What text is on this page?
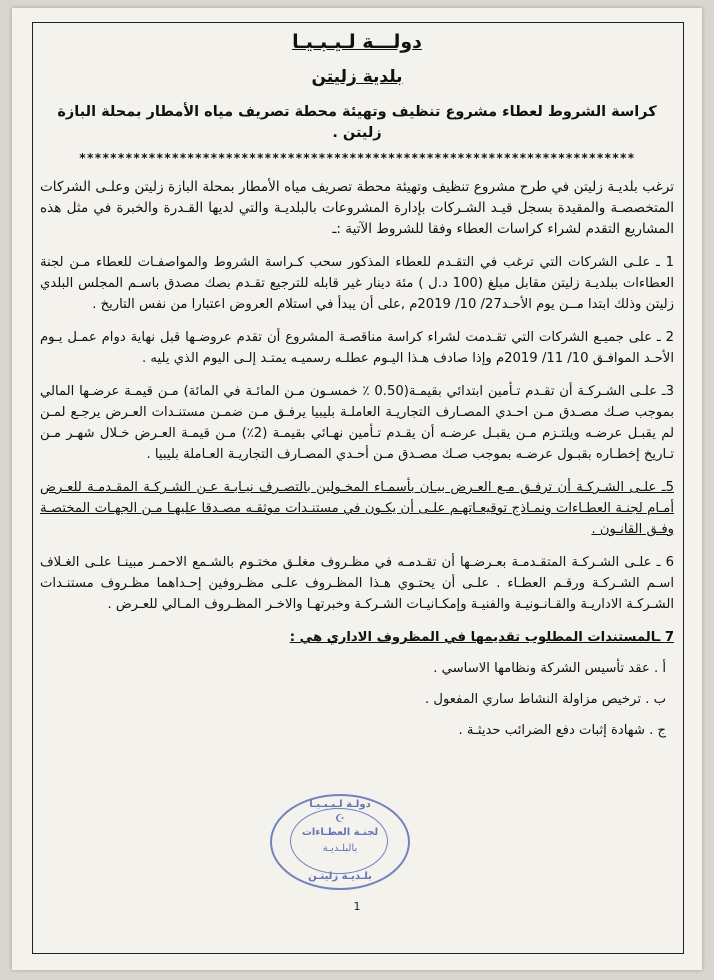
دولـــة لـيـبـيـا
بلدية زليتن
كراسة الشروط لعطاء مشروع تنظيف وتهيئة محطة تصريف مياه الأمطار بمحلة البازة زليتن .
************************************************************************

ترغب بلديـة زليتن في طرح مشروع تنظيف وتهيئة محطة تصريف مياه الأمطار بمحلة البازة زليتن وعلـى الشركات المتخصصـة والمقيدة بسجل قيـد الشـركات بإدارة المشروعات بالبلديـة والتي لديها القـدرة والخبرة في مثل هذه المشاريع التقدم لشراء كراسات العطاء وفقا للشروط الآتية :ـ

1 ـ علـى الشركات التي ترغب في التقـدم للعطاء المذكور سحب كـراسة الشروط والمواصفـات للعطاء مـن لجنة العطاءات ببلديـة زليتن مقابل مبلغ (100 د.ل ) مئة دينار غير قابله للترجيع تقـدم بصك مصدق باسـم المجلس البلدي زليتن وذلك ابتدا مــن يوم الأحـد27/ 10/ 2019م ,على أن يبدأ في استلام العروض اعتبارا من نفس التاريخ .

2 ـ على جميـع الشركات التي تقـدمت لشراء كراسة مناقصـة المشروع أن تقدم عروضـها قبل نهاية دوام عمـل يـوم الأحـد الموافـق 10/ 11/ 2019م وإذا صادف هـذا اليـوم عطلـه رسميـه يمتـد إلـى اليوم الذي يليه .

3ـ علـى الشـركـة أن تقـدم تـأمين ابتدائي بقيمـة(0.50 ٪ خمسـون مـن المائـة في المائة) مـن قيمـة عرضـها المالي بموجب صـك مصـدق مـن احـدي المصـارف التجاريـة العاملـة بليبيا يرفـق مـن ضمـن مستنـدات العـرض يرجـع لمـن لم يقبـل عرضـه ويلتـزم مـن يقبـل عرضـه أن يقـدم تـأمين نهـائي بقيمـة (2٪) مـن قيمـة العـرض خـلال شهـر مـن تـاريخ إخطـاره بقبـول عرضـه بموجب صـك مصـدق مـن أحـدي المصـارف التجاريـة العـاملة بليبيا .

5ـ علـى الشـركـة أن ترفـق مـع العـرض بيـان بأسمـاء المخـولين بالتصـرف نيـابـة عـن الشـركـة المقـدمـة للعـرض أمـام لجنـة العطـاءات ونمـاذج توقيعـاتهـم علـى أن يكـون في مستنـدات موثقـه مصـدقا عليهـا مـن الجهـات المختصـة وفـق القانـون .

6 ـ علـى الشـركـة المتقـدمـة بعـرضـها أن تقـدمـه في مظـروف مغلـق مختـوم بالشـمع الاحمـر مبينـا علـى الغـلاف اسـم الشـركـة ورقـم العطـاء . علـى أن يحتـوي هـذا المظـروف علـى مظـروفين إحـداهما مظـروف مستنـدات الشـركـة الاداريـة والقـانـونيـة والفنيـة وإمكـانيـات الشـركـة وخبرتهـا والاخـر المظـروف المـالي للعـرض .

7 ـالمستندات المطلوب تقديمها في المظروف الاداري هي :

أ . عقد تأسيس الشركة ونظامها الاساسي .

ب . ترخيص مزاولة النشاط ساري المفعول .

ج . شهادة إثبات دفع الضرائب حديثـة .

دولـة لـيـبـيـا
☪
لجنـة العطـاءات
بالبلـديـة
بلـديـة زليتـن
1
